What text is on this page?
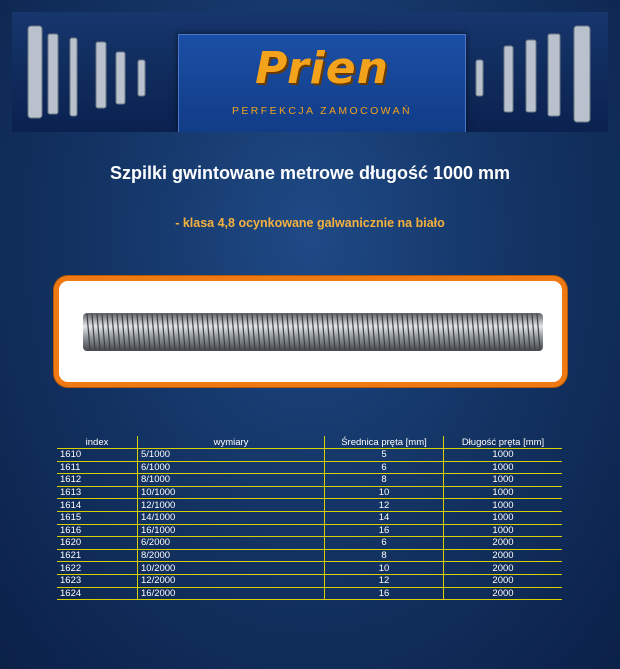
Prien
PERFEKCJA ZAMOCOWAŃ
Szpilki gwintowane metrowe długość 1000 mm
- klasa 4,8 ocynkowane galwanicznie na biało
index	wymiary	Średnica pręta [mm]	Długość pręta [mm]
1610	5/1000	5	1000
1611	6/1000	6	1000
1612	8/1000	8	1000
1613	10/1000	10	1000
1614	12/1000	12	1000
1615	14/1000	14	1000
1616	16/1000	16	1000
1620	6/2000	6	2000
1621	8/2000	8	2000
1622	10/2000	10	2000
1623	12/2000	12	2000
1624	16/2000	16	2000
